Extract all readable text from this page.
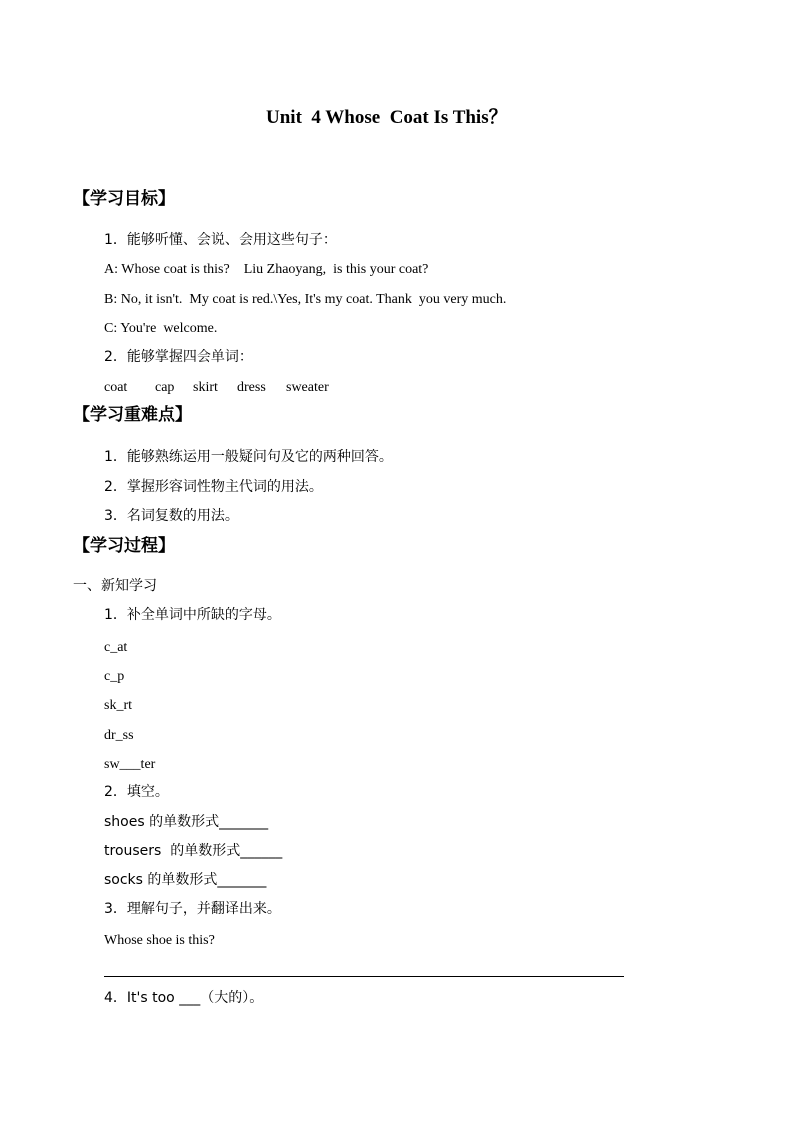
Unit  4 Whose  Coat Is This？
【学习目标】
1．能够听懂、会说、会用这些句子：
A: Whose coat is this?    Liu Zhaoyang,  is this your coat?
B: No, it isn't.  My coat is red.\Yes, It's my coat. Thank  you very much.
C: You're  welcome.
2．能够掌握四会单词：
coat cap skirt dress sweater
【学习重难点】
1．能够熟练运用一般疑问句及它的两种回答。
2．掌握形容词性物主代词的用法。
3．名词复数的用法。
【学习过程】
一、新知学习
1．补全单词中所缺的字母。
c_at
c_p
sk_rt
dr_ss
sw___ter
2．填空。
shoes 的单数形式_______
trousers  的单数形式______
socks 的单数形式_______
3．理解句子，并翻译出来。
Whose shoe is this?
4．It's too ___（大的）。
